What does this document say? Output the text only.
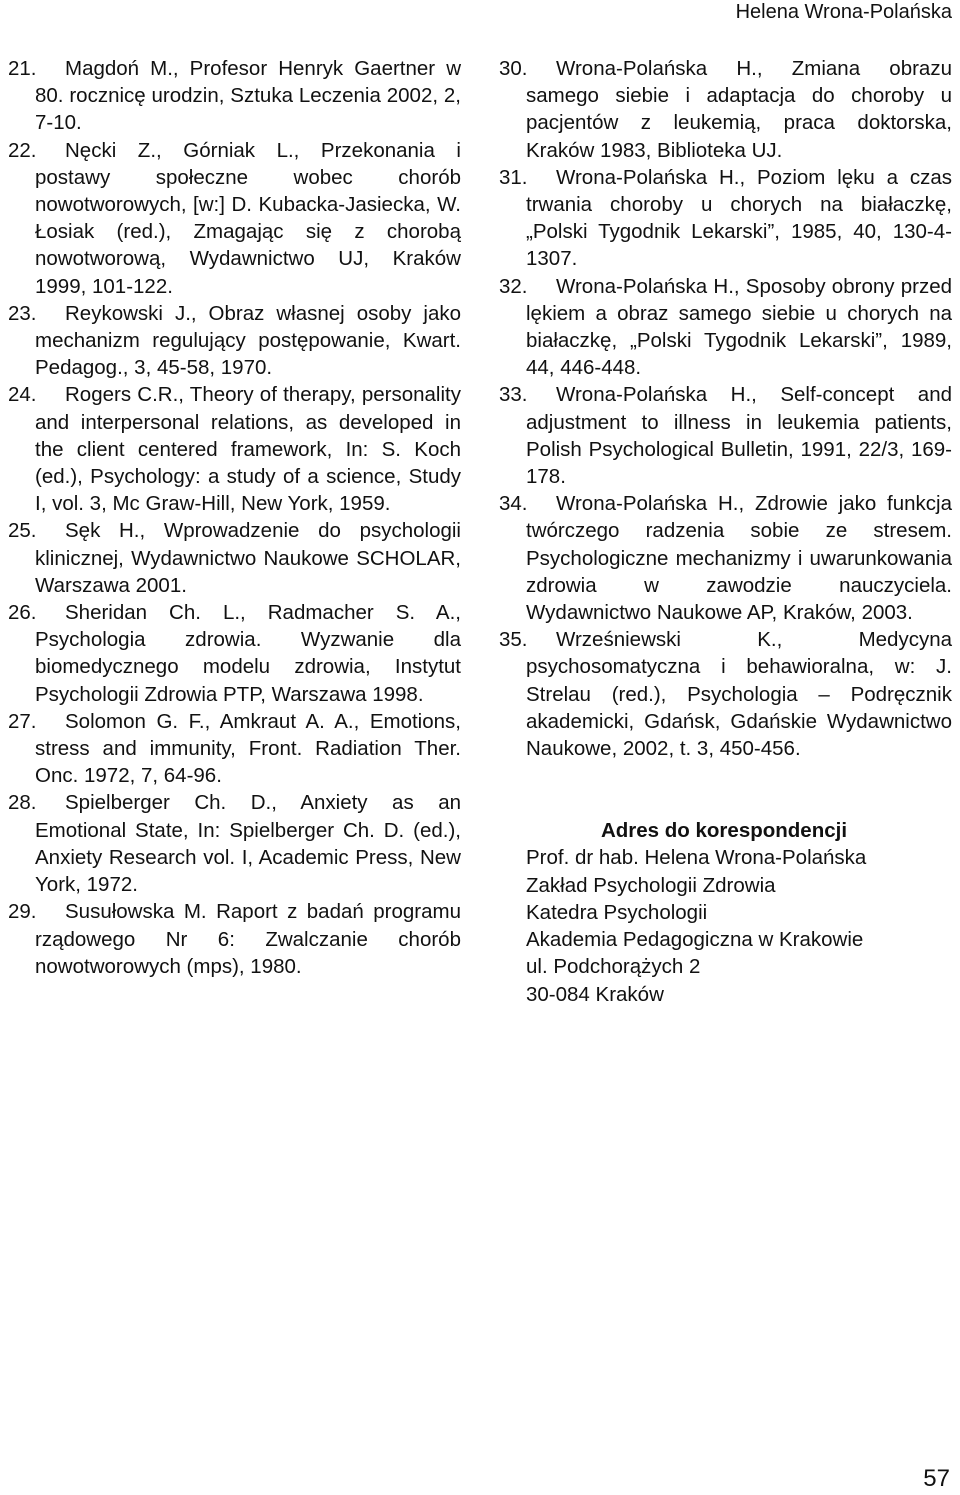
Helena Wrona-Polańska
21.	Magdoń M., Profesor Henryk Gaertner w 80. rocznicę urodzin, Sztuka Leczenia 2002, 2, 7-10.
22.	Nęcki Z., Górniak L., Przekonania i postawy społeczne wobec chorób nowotworowych, [w:] D. Kubacka-Jasiecka, W. Łosiak (red.), Zmagając się z chorobą nowotworową, Wydawnictwo UJ, Kraków 1999, 101-122.
23.	Reykowski J., Obraz własnej osoby jako mechanizm regulujący postępowanie, Kwart. Pedagog., 3, 45-58, 1970.
24.	Rogers C.R., Theory of therapy, personality and interpersonal relations, as developed in the client centered framework, In: S. Koch (ed.), Psychology: a study of a science, Study I, vol. 3, Mc Graw-Hill, New York, 1959.
25.	Sęk H., Wprowadzenie do psychologii klinicznej, Wydawnictwo Naukowe SCHOLAR, Warszawa 2001.
26.	Sheridan Ch. L., Radmacher S. A., Psychologia zdrowia. Wyzwanie dla biomedycznego modelu zdrowia, Instytut Psychologii Zdrowia PTP, Warszawa 1998.
27.	Solomon G. F., Amkraut A. A., Emotions, stress and immunity, Front. Radiation Ther. Onc. 1972, 7, 64-96.
28.	Spielberger Ch. D., Anxiety as an Emotional State, In: Spielberger Ch. D. (ed.), Anxiety Research vol. I, Academic Press, New York, 1972.
29.	Susułowska M. Raport z badań programu rządowego Nr 6: Zwalczanie chorób nowotworowych (mps), 1980.
30.	Wrona-Polańska H., Zmiana obrazu samego siebie i adaptacja do choroby u pacjentów z leukemią, praca doktorska, Kraków 1983, Biblioteka UJ.
31.	Wrona-Polańska H., Poziom lęku a czas trwania choroby u chorych na białaczkę, „Polski Tygodnik Lekarski”, 1985, 40, 130-4-1307.
32.	Wrona-Polańska H., Sposoby obrony przed lękiem a obraz samego siebie u chorych na białaczkę, „Polski Tygodnik Lekarski”, 1989, 44, 446-448.
33.	Wrona-Polańska H., Self-concept and adjustment to illness in leukemia patients, Polish Psychological Bulletin, 1991, 22/3, 169-178.
34.	Wrona-Polańska H., Zdrowie jako funkcja twórczego radzenia sobie ze stresem. Psychologiczne mechanizmy i uwarunkowania zdrowia w zawodzie nauczyciela. Wydawnictwo Naukowe AP, Kraków, 2003.
35.	Wrześniewski K., Medycyna psychosomatyczna i behawioralna, w: J. Strelau (red.), Psychologia – Podręcznik akademicki, Gdańsk, Gdańskie Wydawnictwo Naukowe, 2002, t. 3, 450-456.
Adres do korespondencji
Prof. dr hab. Helena Wrona-Polańska
Zakład Psychologii Zdrowia
Katedra Psychologii
Akademia Pedagogiczna w Krakowie
ul. Podchorążych 2
30-084 Kraków
57
